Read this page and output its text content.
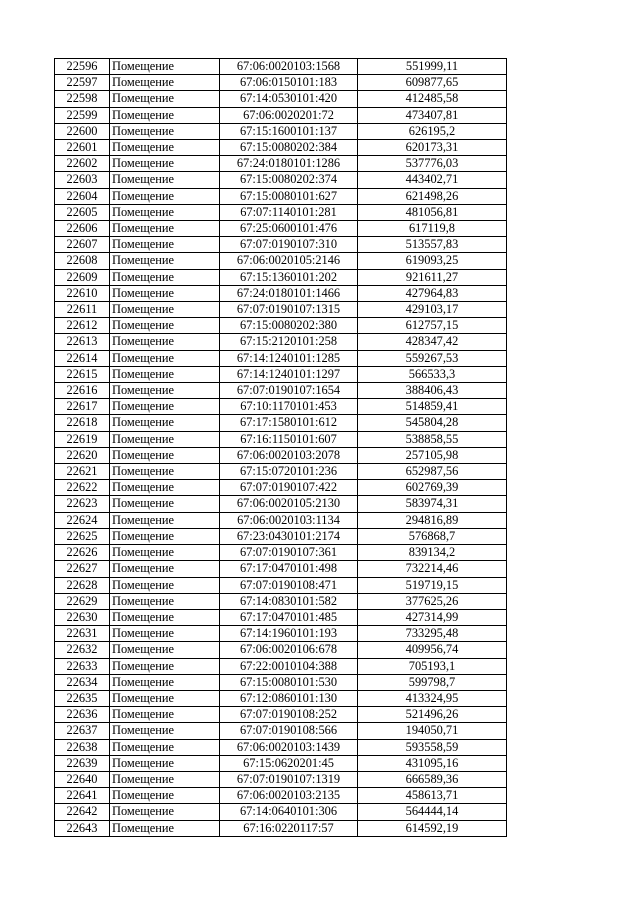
22596	Помещение	67:06:0020103:1568	551999,11
22597	Помещение	67:06:0150101:183	609877,65
22598	Помещение	67:14:0530101:420	412485,58
22599	Помещение	67:06:0020201:72	473407,81
22600	Помещение	67:15:1600101:137	626195,2
22601	Помещение	67:15:0080202:384	620173,31
22602	Помещение	67:24:0180101:1286	537776,03
22603	Помещение	67:15:0080202:374	443402,71
22604	Помещение	67:15:0080101:627	621498,26
22605	Помещение	67:07:1140101:281	481056,81
22606	Помещение	67:25:0600101:476	617119,8
22607	Помещение	67:07:0190107:310	513557,83
22608	Помещение	67:06:0020105:2146	619093,25
22609	Помещение	67:15:1360101:202	921611,27
22610	Помещение	67:24:0180101:1466	427964,83
22611	Помещение	67:07:0190107:1315	429103,17
22612	Помещение	67:15:0080202:380	612757,15
22613	Помещение	67:15:2120101:258	428347,42
22614	Помещение	67:14:1240101:1285	559267,53
22615	Помещение	67:14:1240101:1297	566533,3
22616	Помещение	67:07:0190107:1654	388406,43
22617	Помещение	67:10:1170101:453	514859,41
22618	Помещение	67:17:1580101:612	545804,28
22619	Помещение	67:16:1150101:607	538858,55
22620	Помещение	67:06:0020103:2078	257105,98
22621	Помещение	67:15:0720101:236	652987,56
22622	Помещение	67:07:0190107:422	602769,39
22623	Помещение	67:06:0020105:2130	583974,31
22624	Помещение	67:06:0020103:1134	294816,89
22625	Помещение	67:23:0430101:2174	576868,7
22626	Помещение	67:07:0190107:361	839134,2
22627	Помещение	67:17:0470101:498	732214,46
22628	Помещение	67:07:0190108:471	519719,15
22629	Помещение	67:14:0830101:582	377625,26
22630	Помещение	67:17:0470101:485	427314,99
22631	Помещение	67:14:1960101:193	733295,48
22632	Помещение	67:06:0020106:678	409956,74
22633	Помещение	67:22:0010104:388	705193,1
22634	Помещение	67:15:0080101:530	599798,7
22635	Помещение	67:12:0860101:130	413324,95
22636	Помещение	67:07:0190108:252	521496,26
22637	Помещение	67:07:0190108:566	194050,71
22638	Помещение	67:06:0020103:1439	593558,59
22639	Помещение	67:15:0620201:45	431095,16
22640	Помещение	67:07:0190107:1319	666589,36
22641	Помещение	67:06:0020103:2135	458613,71
22642	Помещение	67:14:0640101:306	564444,14
22643	Помещение	67:16:0220117:57	614592,19
